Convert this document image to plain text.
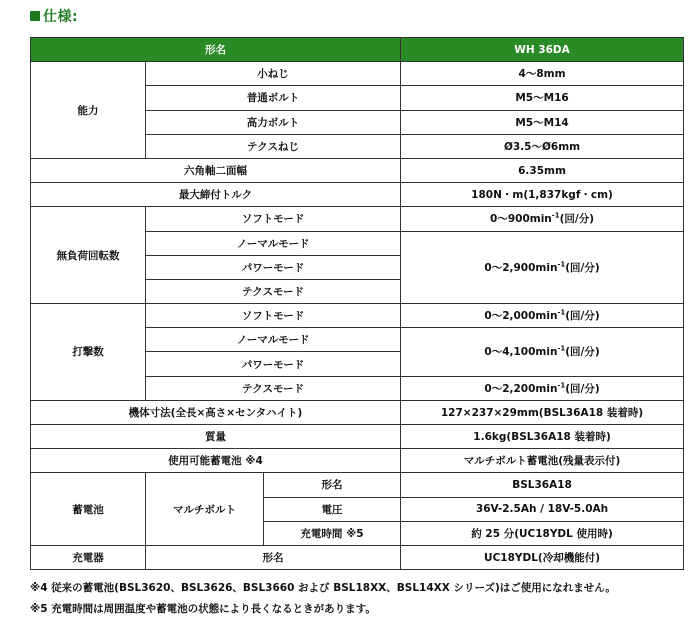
仕様:
形名			WH 36DA
能力	小ねじ		4～8mm
	普通ボルト		M5～M16
	高力ボルト		M5～M14
	テクスねじ		Ø3.5～Ø6mm
六角軸二面幅			6.35mm
最大締付トルク			180N・m(1,837kgf・cm)
無負荷回転数	ソフトモード		$0\sim 900\min^{-1}$(回/分)
	ノーマルモード		$0\sim 2,900\min^{-1}$(回/分)
	パワーモード		
	テクスモード		
打撃数	ソフトモード		$0\sim 2,000\min^{-1}$(回/分)
	ノーマルモード		$0\sim 4,100\min^{-1}$(回/分)
	パワーモード		
	テクスモード		$0\sim 2,200\min^{-1}$(回/分)
機体寸法(全長×高さ×センタハイト)			127×237×29mm(BSL36A18 装着時)
質量			1.6kg(BSL36A18 装着時)
使用可能蓄電池 ※4			マルチボルト蓄電池(残量表示付)
蓄電池	マルチボルト	形名	BSL36A18
		電圧	36V-2.5Ah / 18V-5.0Ah
		充電時間 ※5	約 25 分(UC18YDL 使用時)
充電器	形名		UC18YDL(冷却機能付)
※4 従来の蓄電池(BSL3620、BSL3626、BSL3660 および BSL18XX、BSL14XX シリーズ)はご使用になれません。
※5 充電時間は周囲温度や蓄電池の状態により長くなるときがあります。
